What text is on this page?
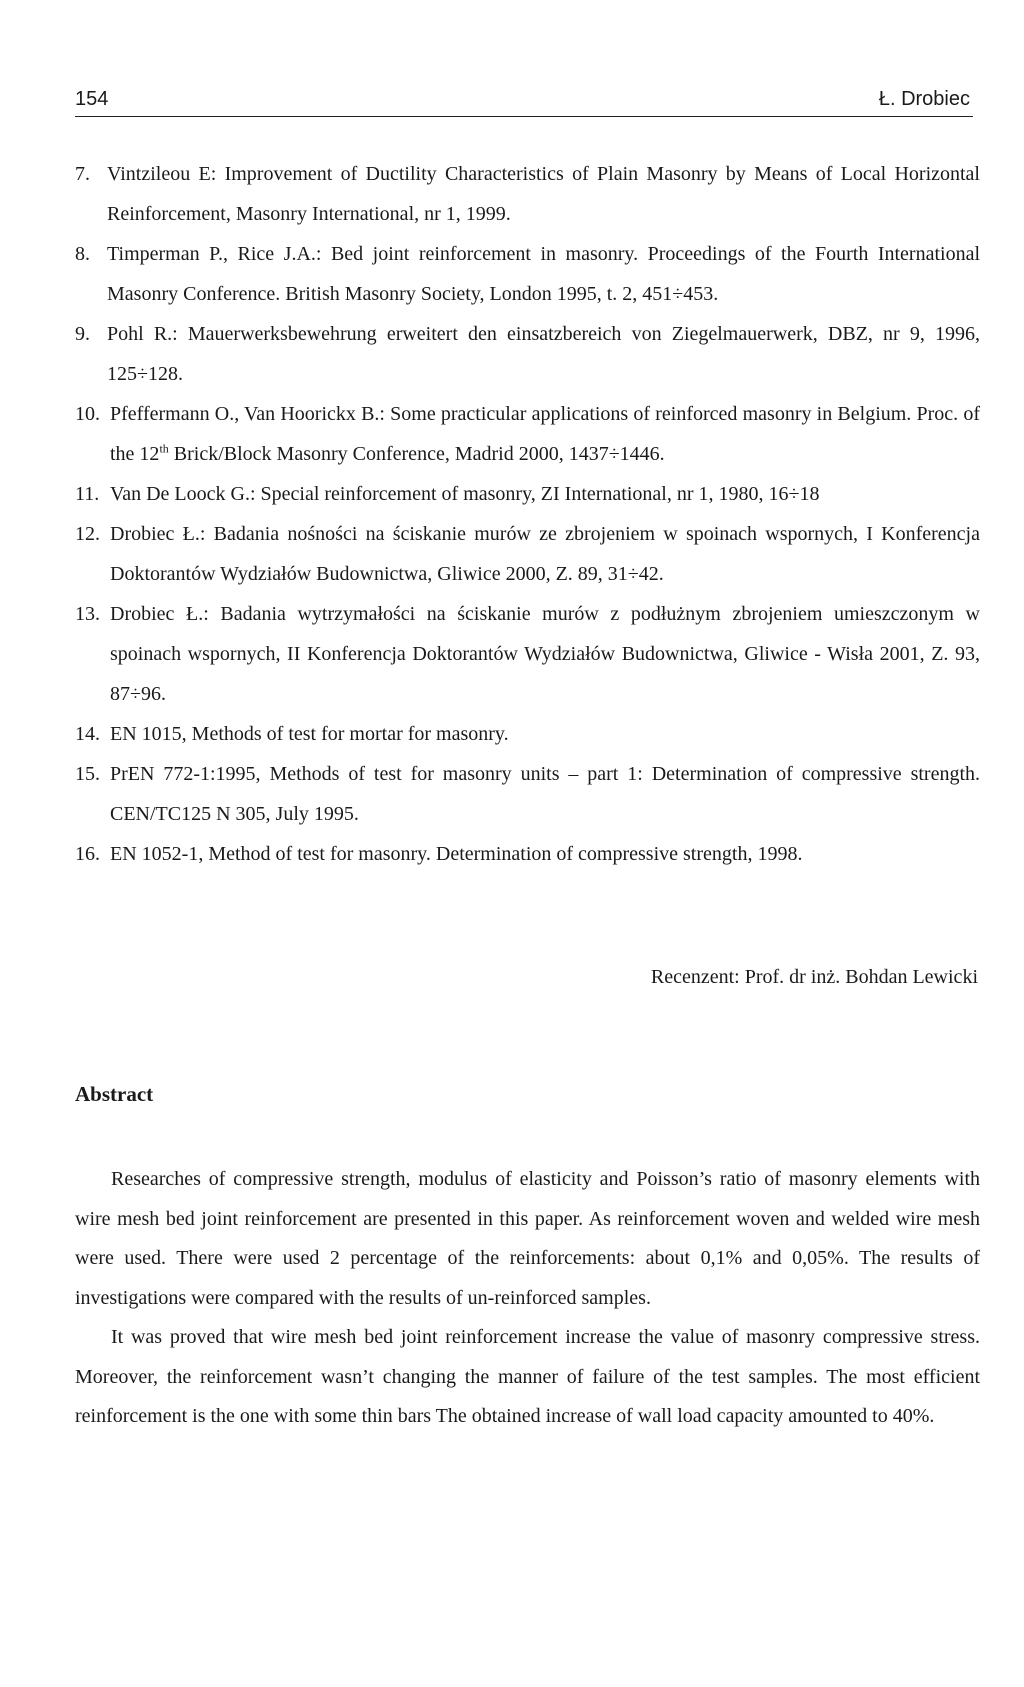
154	Ł. Drobiec
7. Vintzileou E: Improvement of Ductility Characteristics of Plain Masonry by Means of Local Horizontal Reinforcement, Masonry International, nr 1, 1999.
8. Timperman P., Rice J.A.: Bed joint reinforcement in masonry. Proceedings of the Fourth International Masonry Conference. British Masonry Society, London 1995, t. 2, 451÷453.
9. Pohl R.: Mauerwerksbewehrung erweitert den einsatzbereich von Ziegelmauerwerk, DBZ, nr 9, 1996, 125÷128.
10. Pfeffermann O., Van Hoorickx B.: Some practicular applications of reinforced masonry in Belgium. Proc. of the 12th Brick/Block Masonry Conference, Madrid 2000, 1437÷1446.
11. Van De Loock G.: Special reinforcement of masonry, ZI International, nr 1, 1980, 16÷18
12. Drobiec Ł.: Badania nośności na ściskanie murów ze zbrojeniem w spoinach wspornych, I Konferencja Doktorantów Wydziałów Budownictwa, Gliwice 2000, Z. 89, 31÷42.
13. Drobiec Ł.: Badania wytrzymałości na ściskanie murów z podłużnym zbrojeniem umieszczonym w spoinach wspornych, II Konferencja Doktorantów Wydziałów Budownictwa, Gliwice - Wisła 2001, Z. 93, 87÷96.
14. EN 1015, Methods of test for mortar for masonry.
15. PrEN 772-1:1995, Methods of test for masonry units – part 1: Determination of compressive strength. CEN/TC125 N 305, July 1995.
16. EN 1052-1, Method of test for masonry. Determination of compressive strength, 1998.
Recenzent: Prof. dr inż. Bohdan Lewicki
Abstract

Researches of compressive strength, modulus of elasticity and Poisson’s ratio of masonry elements with wire mesh bed joint reinforcement are presented in this paper. As reinforcement woven and welded wire mesh were used. There were used 2 percentage of the reinforcements: about 0,1% and 0,05%. The results of investigations were compared with the results of un-reinforced samples.

It was proved that wire mesh bed joint reinforcement increase the value of masonry compressive stress. Moreover, the reinforcement wasn’t changing the manner of failure of the test samples. The most efficient reinforcement is the one with some thin bars The obtained increase of wall load capacity amounted to 40%.
